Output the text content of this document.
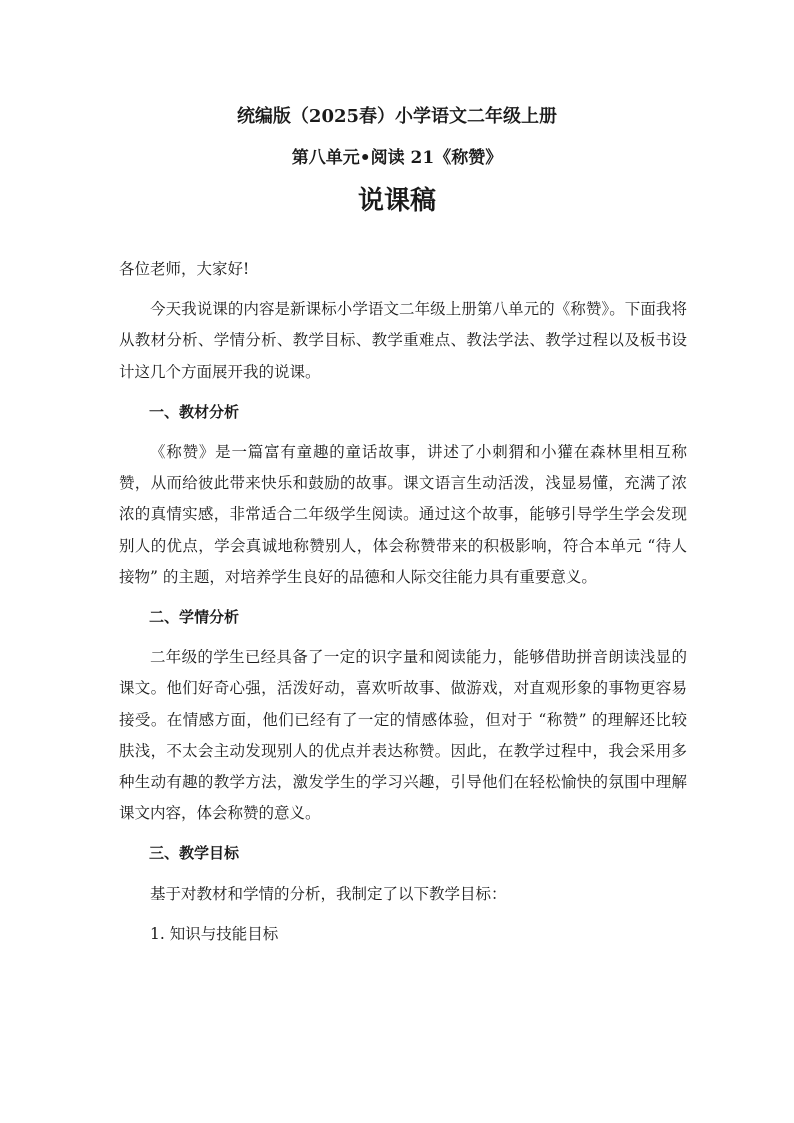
统编版（2025春）小学语文二年级上册
第八单元•阅读 21《称赞》
说课稿

各位老师，大家好!

今天我说课的内容是新课标小学语文二年级上册第八单元的《称赞》。下面我将从教材分析、学情分析、教学目标、教学重难点、教法学法、教学过程以及板书设计这几个方面展开我的说课。

一、教材分析

《称赞》是一篇富有童趣的童话故事，讲述了小刺猬和小獾在森林里相互称赞，从而给彼此带来快乐和鼓励的故事。课文语言生动活泼，浅显易懂，充满了浓浓的真情实感，非常适合二年级学生阅读。通过这个故事，能够引导学生学会发现别人的优点，学会真诚地称赞别人，体会称赞带来的积极影响，符合本单元 “待人接物” 的主题，对培养学生良好的品德和人际交往能力具有重要意义。

二、学情分析

二年级的学生已经具备了一定的识字量和阅读能力，能够借助拼音朗读浅显的课文。他们好奇心强，活泼好动，喜欢听故事、做游戏，对直观形象的事物更容易接受。在情感方面，他们已经有了一定的情感体验，但对于 “称赞” 的理解还比较肤浅，不太会主动发现别人的优点并表达称赞。因此，在教学过程中，我会采用多种生动有趣的教学方法，激发学生的学习兴趣，引导他们在轻松愉快的氛围中理解课文内容，体会称赞的意义。

三、教学目标

基于对教材和学情的分析，我制定了以下教学目标：

1. 知识与技能目标
